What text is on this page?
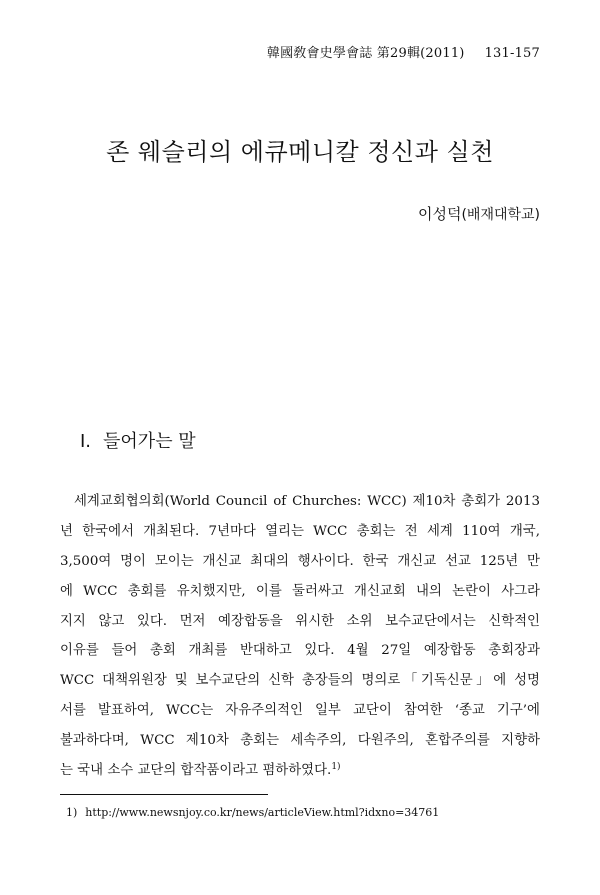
韓國敎會史學會誌 第29輯(2011) 131-157
존 웨슬리의 에큐메니칼 정신과 실천
이성덕(배재대학교)
Ⅰ. 들어가는 말
세계교회협의회(World Council of Churches: WCC) 제10차 총회가 2013
년 한국에서 개최된다. 7년마다 열리는 WCC 총회는 전 세계 110여 개국,
3,500여 명이 모이는 개신교 최대의 행사이다. 한국 개신교 선교 125년 만
에 WCC 총회를 유치했지만, 이를 둘러싸고 개신교회 내의 논란이 사그라
지지 않고 있다. 먼저 예장합동을 위시한 소위 보수교단에서는 신학적인
이유를 들어 총회 개최를 반대하고 있다. 4월 27일 예장합동 총회장과
WCC 대책위원장 및 보수교단의 신학 총장들의 명의로「기독신문」에 성명
서를 발표하여, WCC는 자유주의적인 일부 교단이 참여한 ‘종교 기구’에
불과하다며, WCC 제10차 총회는 세속주의, 다원주의, 혼합주의를 지향하
는 국내 소수 교단의 합작품이라고 폄하하였다.$^{1)}$
1) http://www.newsnjoy.co.kr/news/articleView.html?idxno=34761
